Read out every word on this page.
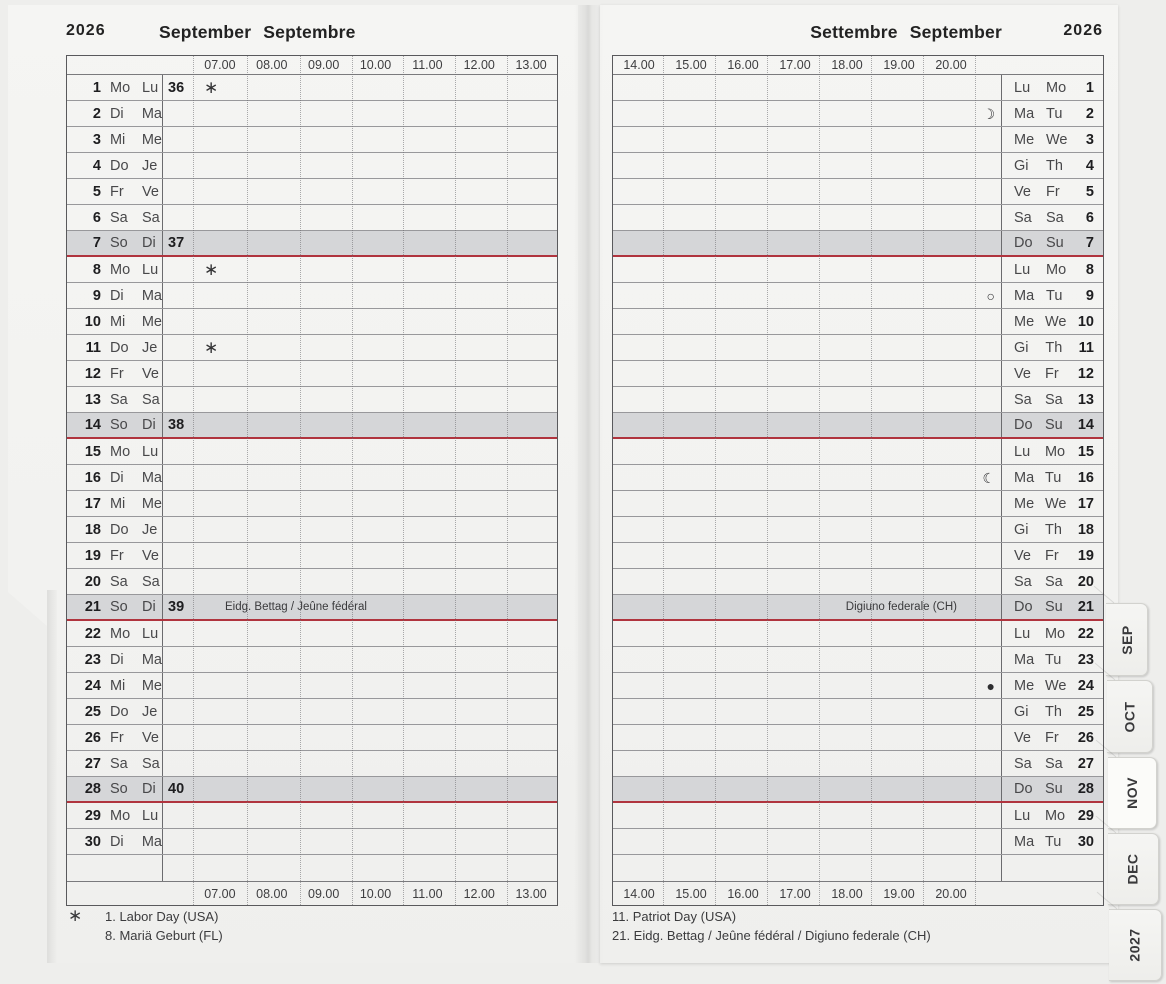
2026	September Septembre	Settembre September	2026
07.00	08.00	09.00	10.00	11.00	12.00	13.00
1 Mo Lu 36 ∗
2 Di	Ma
3 Mi	Me
4 Do Je
5 Fr	Ve
6 Sa Sa
7 So Di 37
8 Mo Lu	∗
9 Di	Ma
10 Mi	Me
11 Do Je	∗
12 Fr	Ve
13 Sa Sa
14 So Di 38
15 Mo Lu
16 Di	Ma
17 Mi	Me
18 Do Je
19 Fr	Ve
20 Sa Sa
21 So Di 39	Eidg. Bettag / Jeûne fédéral
22 Mo Lu
23 Di	Ma
24 Mi	Me
25 Do Je
26 Fr	Ve
27 Sa Sa
28 So Di 40
29 Mo Lu
30 Di	Ma
07.00	08.00	09.00	10.00	11.00	12.00	13.00
14.00	15.00	16.00	17.00	18.00	19.00	20.00
Lu	Mo	1
☽ Ma Tu	2
Me We	3
Gi	Th	4
Ve	Fr	5
Sa Sa	6
Do Su	7
Lu	Mo	8
○ Ma Tu	9
Me We 10
Gi	Th	11
Ve Fr	12
Sa Sa	13
Do Su	14
Lu	Mo 15
☾ Ma Tu	16
Me We 17
Gi	Th	18
Ve Fr	19
Sa Sa	20
Digiuno federale (CH)	Do Su	21
Lu	Mo 22
Ma Tu	23
● Me We 24
Gi	Th	25
Ve Fr	26
Sa Sa	27
Do Su	28
Lu	Mo 29
Ma Tu	30
14.00	15.00	16.00	17.00	18.00	19.00	20.00
∗	1. Labor Day (USA)
8. Mariä Geburt (FL)
11. Patriot Day (USA)
21. Eidg. Bettag / Jeûne fédéral / Digiuno federale (CH)
SEP
OCT
NOV
DEC
2027
